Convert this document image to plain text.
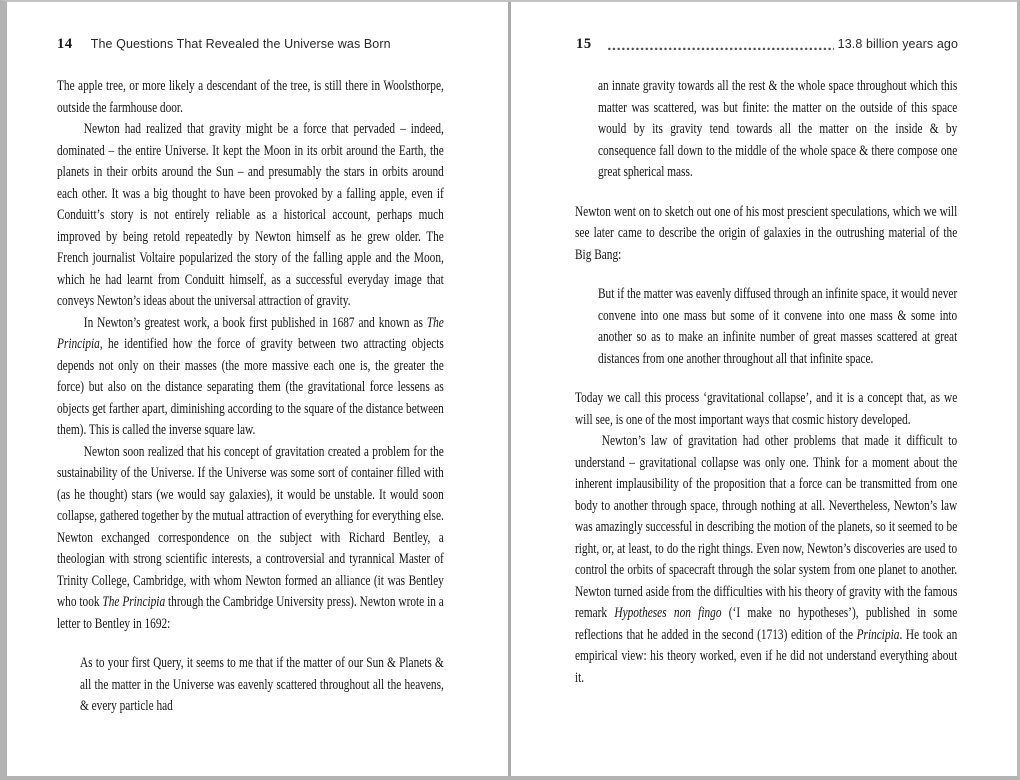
14 The Questions That Revealed the Universe was Born

The apple tree, or more likely a descendant of the tree, is still there in Woolsthorpe, outside the farmhouse door.

Newton had realized that gravity might be a force that pervaded – indeed, dominated – the entire Universe. It kept the Moon in its orbit around the Earth, the planets in their orbits around the Sun – and presumably the stars in orbits around each other. It was a big thought to have been provoked by a falling apple, even if Conduitt’s story is not entirely reliable as a historical account, perhaps much improved by being retold repeatedly by Newton himself as he grew older. The French journalist Voltaire popularized the story of the falling apple and the Moon, which he had learnt from Conduitt himself, as a successful everyday image that conveys Newton’s ideas about the universal attraction of gravity.

In Newton’s greatest work, a book first published in 1687 and known as The Principia, he identified how the force of gravity between two attracting objects depends not only on their masses (the more massive each one is, the greater the force) but also on the distance separating them (the gravitational force lessens as objects get farther apart, diminishing according to the square of the distance between them). This is called the inverse square law.

Newton soon realized that his concept of gravitation created a problem for the sustainability of the Universe. If the Universe was some sort of container filled with (as he thought) stars (we would say galaxies), it would be unstable. It would soon collapse, gathered together by the mutual attraction of everything for everything else. Newton exchanged correspondence on the subject with Richard Bentley, a theologian with strong scientific interests, a controversial and tyrannical Master of Trinity College, Cambridge, with whom Newton formed an alliance (it was Bentley who took The Principia through the Cambridge University press). Newton wrote in a letter to Bentley in 1692:

As to your first Query, it seems to me that if the matter of our Sun & Planets & all the matter in the Universe was eavenly scattered throughout all the heavens, & every particle had

15	13.8 billion years ago

an innate gravity towards all the rest & the whole space throughout which this matter was scattered, was but finite: the matter on the outside of this space would by its gravity tend towards all the matter on the inside & by consequence fall down to the middle of the whole space & there compose one great spherical mass.

Newton went on to sketch out one of his most prescient speculations, which we will see later came to describe the origin of galaxies in the outrushing material of the Big Bang:

But if the matter was eavenly diffused through an infinite space, it would never convene into one mass but some of it convene into one mass & some into another so as to make an infinite number of great masses scattered at great distances from one another throughout all that infinite space.

Today we call this process ‘gravitational collapse’, and it is a concept that, as we will see, is one of the most important ways that cosmic history developed.

Newton’s law of gravitation had other problems that made it difficult to understand – gravitational collapse was only one. Think for a moment about the inherent implausibility of the proposition that a force can be transmitted from one body to another through space, through nothing at all. Nevertheless, Newton’s law was amazingly successful in describing the motion of the planets, so it seemed to be right, or, at least, to do the right things. Even now, Newton’s discoveries are used to control the orbits of spacecraft through the solar system from one planet to another. Newton turned aside from the difficulties with his theory of gravity with the famous remark Hypotheses non fingo (‘I make no hypotheses’), published in some reflections that he added in the second (1713) edition of the Principia. He took an empirical view: his theory worked, even if he did not understand everything about it.
